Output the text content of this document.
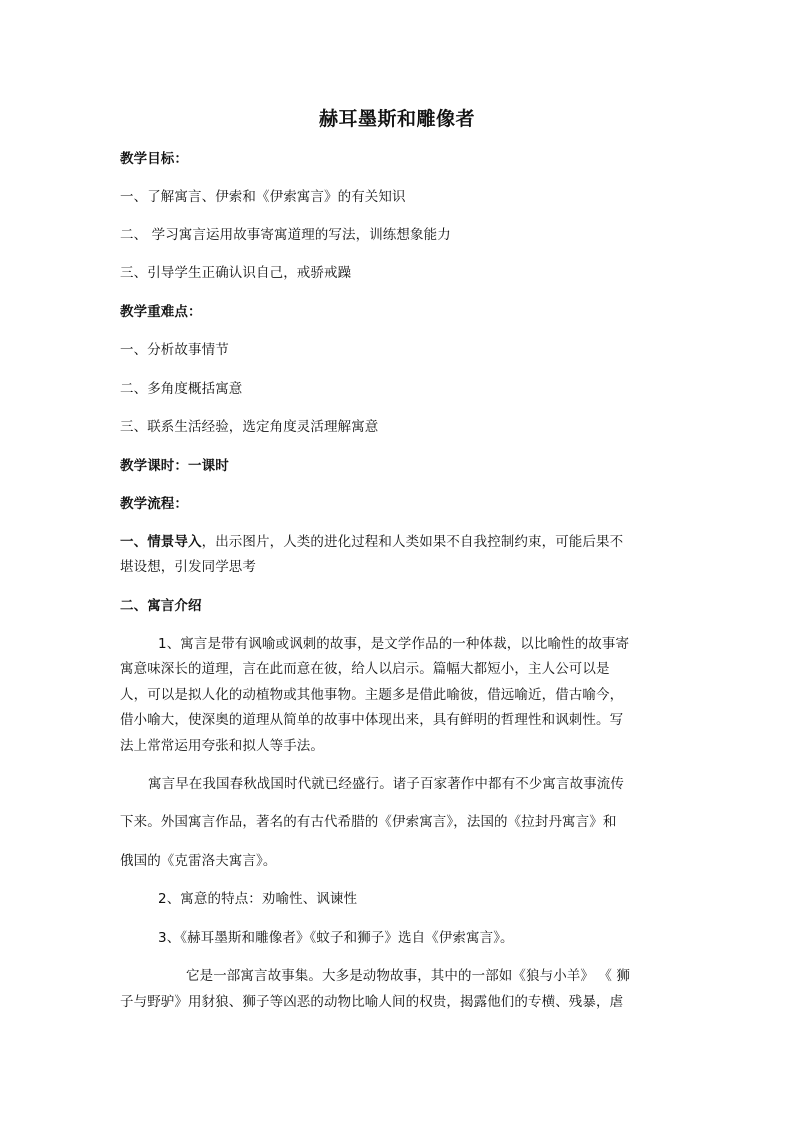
赫耳墨斯和雕像者
教学目标：
一、了解寓言、伊索和《伊索寓言》的有关知识
二、 学习寓言运用故事寄寓道理的写法，训练想象能力
三、引导学生正确认识自己，戒骄戒躁
教学重难点：
一、分析故事情节
二、多角度概括寓意
三、联系生活经验，选定角度灵活理解寓意
教学课时：一课时
教学流程：
一、情景导入，出示图片，人类的进化过程和人类如果不自我控制约束，可能后果不
堪设想，引发同学思考
二、寓言介绍
1、寓言是带有讽喻或讽刺的故事，是文学作品的一种体裁，以比喻性的故事寄
寓意味深长的道理，言在此而意在彼，给人以启示。篇幅大都短小，主人公可以是
人，可以是拟人化的动植物或其他事物。主题多是借此喻彼，借远喻近，借古喻今，
借小喻大，使深奥的道理从简单的故事中体现出来，具有鲜明的哲理性和讽刺性。写
法上常常运用夸张和拟人等手法。
寓言早在我国春秋战国时代就已经盛行。诸子百家著作中都有不少寓言故事流传
下来。外国寓言作品，著名的有古代希腊的《伊索寓言》，法国的《拉封丹寓言》和
俄国的《克雷洛夫寓言》。
2、寓意的特点：劝喻性、讽谏性
3、《赫耳墨斯和雕像者》《蚊子和狮子》选自《伊索寓言》。
它是一部寓言故事集。大多是动物故事，其中的一部如《狼与小羊》 《 狮
子与野驴》用豺狼、狮子等凶恶的动物比喻人间的权贵，揭露他们的专横、残暴，虐
